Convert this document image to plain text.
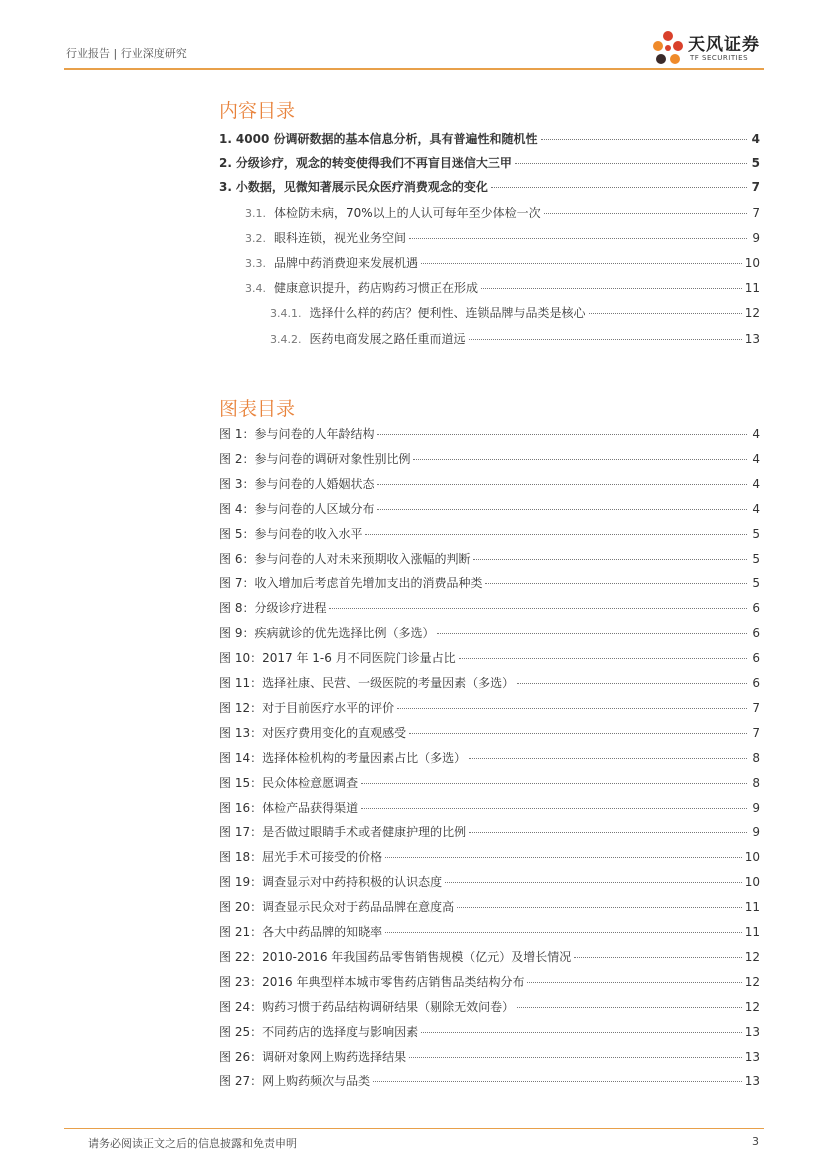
行业报告 | 行业深度研究	天风证券
TF SECURITIES
内容目录
1. 4000 份调研数据的基本信息分析，具有普遍性和随机性	4
2. 分级诊疗，观念的转变使得我们不再盲目迷信大三甲	5
3. 小数据，见微知著展示民众医疗消费观念的变化	7
3.1. 体检防未病，70%以上的人认可每年至少体检一次	7
3.2. 眼科连锁，视光业务空间	9
3.3. 品牌中药消费迎来发展机遇	10
3.4. 健康意识提升，药店购药习惯正在形成	11
3.4.1. 选择什么样的药店？便利性、连锁品牌与品类是核心	12
3.4.2. 医药电商发展之路任重而道远	13
图表目录
图 1：参与问卷的人年龄结构	4
图 2：参与问卷的调研对象性别比例	4
图 3：参与问卷的人婚姻状态	4
图 4：参与问卷的人区域分布	4
图 5：参与问卷的收入水平	5
图 6：参与问卷的人对未来预期收入涨幅的判断	5
图 7：收入增加后考虑首先增加支出的消费品种类	5
图 8：分级诊疗进程	6
图 9：疾病就诊的优先选择比例（多选）	6
图 10：2017 年 1-6 月不同医院门诊量占比	6
图 11：选择社康、民营、一级医院的考量因素（多选）	6
图 12：对于目前医疗水平的评价	7
图 13：对医疗费用变化的直观感受	7
图 14：选择体检机构的考量因素占比（多选）	8
图 15：民众体检意愿调查	8
图 16：体检产品获得渠道	9
图 17：是否做过眼睛手术或者健康护理的比例	9
图 18：屈光手术可接受的价格	10
图 19：调查显示对中药持积极的认识态度	10
图 20：调查显示民众对于药品品牌在意度高	11
图 21：各大中药品牌的知晓率	11
图 22：2010-2016 年我国药品零售销售规模（亿元）及增长情况	12
图 23：2016 年典型样本城市零售药店销售品类结构分布	12
图 24：购药习惯于药品结构调研结果（剔除无效问卷）	12
图 25：不同药店的选择度与影响因素	13
图 26：调研对象网上购药选择结果	13
图 27：网上购药频次与品类	13
请务必阅读正文之后的信息披露和免责申明	3
